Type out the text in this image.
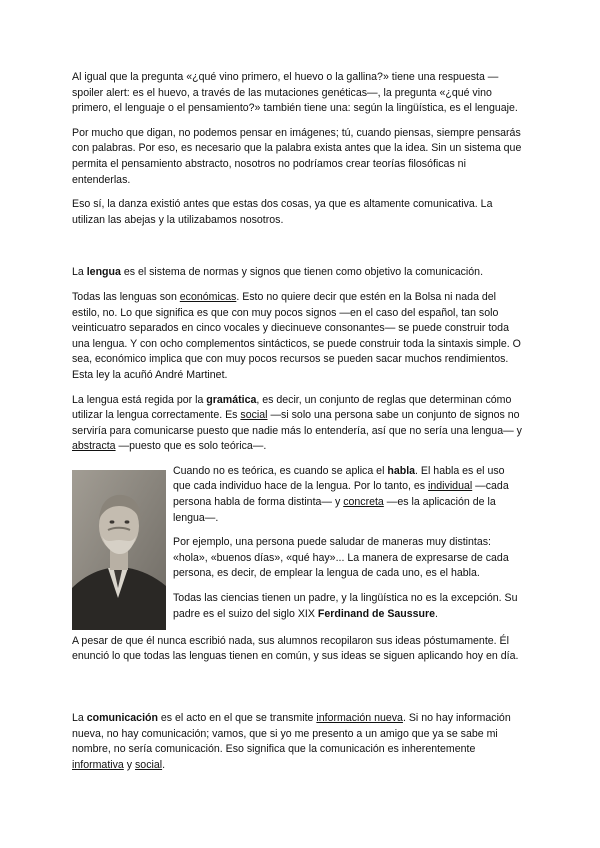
Al igual que la pregunta «¿qué vino primero, el huevo o la gallina?» tiene una respuesta —spoiler alert: es el huevo, a través de las mutaciones genéticas—, la pregunta «¿qué vino primero, el lenguaje o el pensamiento?» también tiene una: según la lingüística, es el lenguaje.

Por mucho que digan, no podemos pensar en imágenes; tú, cuando piensas, siempre pensarás con palabras. Por eso, es necesario que la palabra exista antes que la idea. Sin un sistema que permita el pensamiento abstracto, nosotros no podríamos crear teorías filosóficas ni entenderlas.

Eso sí, la danza existió antes que estas dos cosas, ya que es altamente comunicativa. La utilizan las abejas y la utilizabamos nosotros.

La lengua es el sistema de normas y signos que tienen como objetivo la comunicación.

Todas las lenguas son económicas. Esto no quiere decir que estén en la Bolsa ni nada del estilo, no. Lo que significa es que con muy pocos signos —en el caso del español, tan solo veinticuatro separados en cinco vocales y diecinueve consonantes— se puede construir toda una lengua. Y con ocho complementos sintácticos, se puede construir toda la sintaxis simple. O sea, económico implica que con muy pocos recursos se pueden sacar muchos rendimientos. Esta ley la acuñó André Martinet.

La lengua está regida por la gramática, es decir, un conjunto de reglas que determinan cómo utilizar la lengua correctamente. Es social —si solo una persona sabe un conjunto de signos no serviría para comunicarse puesto que nadie más lo entendería, así que no sería una lengua— y abstracta —puesto que es solo teórica—.

Cuando no es teórica, es cuando se aplica el habla. El habla es el uso que cada individuo hace de la lengua. Por lo tanto, es individual —cada persona habla de forma distinta— y concreta —es la aplicación de la lengua—.

Por ejemplo, una persona puede saludar de maneras muy distintas: «hola», «buenos días», «qué hay»... La manera de expresarse de cada persona, es decir, de emplear la lengua de cada uno, es el habla.

Todas las ciencias tienen un padre, y la lingüística no es la excepción. Su padre es el suizo del siglo XIX Ferdinand de Saussure.

A pesar de que él nunca escribió nada, sus alumnos recopilaron sus ideas póstumamente. Él enunció lo que todas las lenguas tienen en común, y sus ideas se siguen aplicando hoy en día.

La comunicación es el acto en el que se transmite información nueva. Si no hay información nueva, no hay comunicación; vamos, que si yo me presento a un amigo que ya se sabe mi nombre, no sería comunicación. Eso significa que la comunicación es inherentemente informativa y social.
